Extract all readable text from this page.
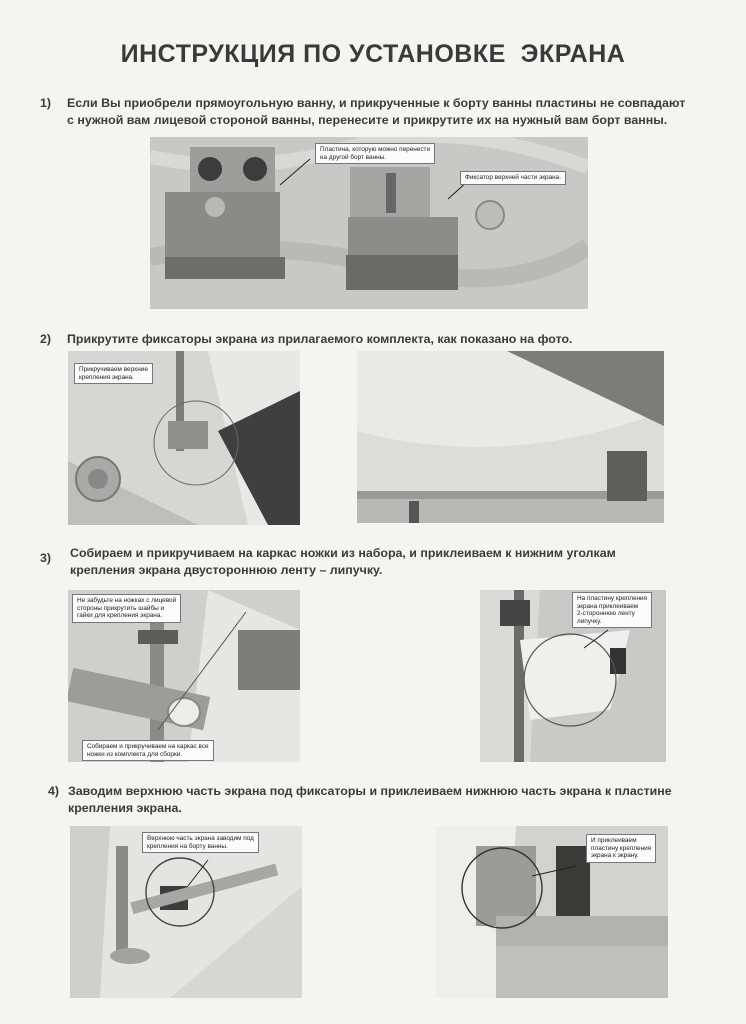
ИНСТРУКЦИЯ ПО УСТАНОВКЕ  ЭКРАНА
1) Если Вы приобрели прямоугольную ванну, и прикрученные к борту ванны пластины не совпадают
с нужной вам лицевой стороной ванны, перенесите и прикрутите их на нужный вам борт ванны.
Пластина, которую можно перенести
на другой борт ванны.
Фиксатор верхней части экрана.
2) Прикрутите фиксаторы экрана из прилагаемого комплекта, как показано на фото.
Прикручиваем верхние
крепления экрана.
3) Собираем и прикручиваем на каркас ножки из набора, и приклеиваем к нижним уголкам
крепления экрана двустороннюю ленту – липучку.
Не забудьте на ножках с лицевой
стороны прикрутить шайбы и
гайки для крепления экрана.
Собираем и прикручиваем на каркас все
ножки из комплекта для сборки.
На пластину крепления
экрана приклеиваем
2-стороннюю ленту
липучку.
4) Заводим верхнюю часть экрана под фиксаторы и приклеиваем нижнюю часть экрана к пластине
крепления экрана.
Верхнюю часть экрана заводим под
крепления на борту ванны.
И приклеиваем
пластину крепления
экрана к экрану.
